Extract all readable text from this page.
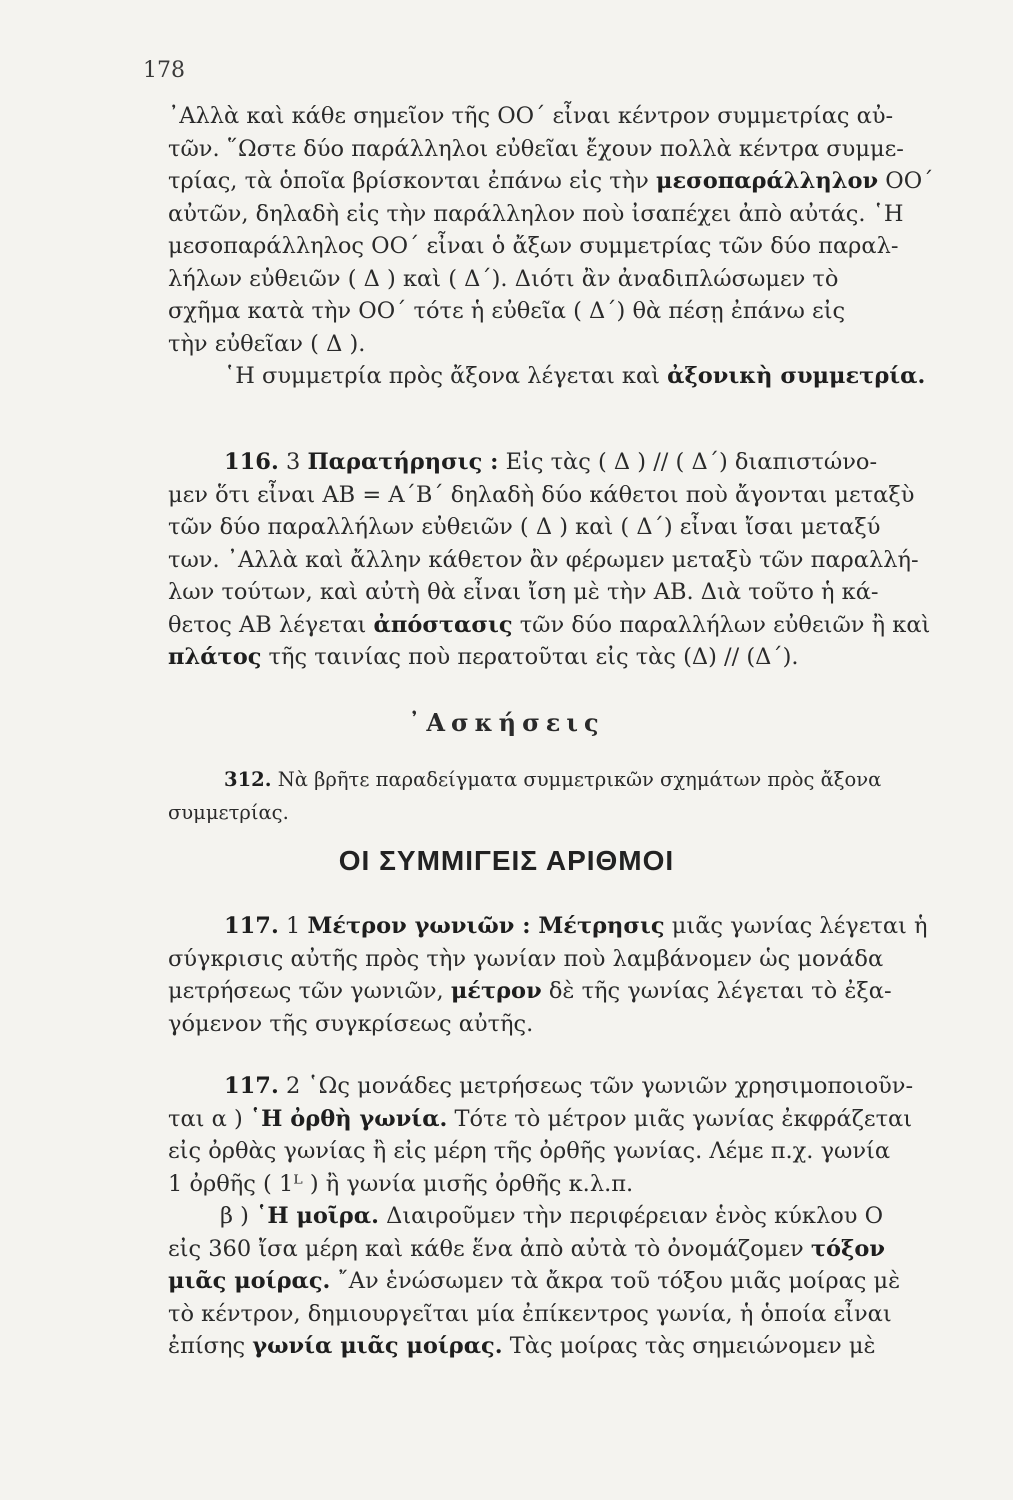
178
᾿Αλλὰ καὶ κάθε σημεῖον τῆς ΟΟ΄ εἶναι κέντρον συμμετρίας αὐ-
τῶν. ῞Ωστε δύο παράλληλοι εὐθεῖαι ἔχουν πολλὰ κέντρα συμμε-
τρίας, τὰ ὁποῖα βρίσκονται ἐπάνω εἰς τὴν μεσοπαράλληλον ΟΟ΄
αὐτῶν, δηλαδὴ εἰς τὴν παράλληλον ποὺ ἰσαπέχει ἀπὸ αὐτάς. ῾Η
μεσοπαράλληλος ΟΟ΄ εἶναι ὁ ἄξων συμμετρίας τῶν δύο παραλ-
λήλων εὐθειῶν ( Δ ) καὶ ( Δ΄). Διότι ἂν ἀναδιπλώσωμεν τὸ
σχῆμα κατὰ τὴν ΟΟ΄ τότε ἡ εὐθεῖα ( Δ΄) θὰ πέσῃ ἐπάνω εἰς
τὴν εὐθεῖαν ( Δ ).
῾Η συμμετρία πρὸς ἄξονα λέγεται καὶ ἀξονικὴ συμμετρία.
116. 3 Παρατήρησις : Εἰς τὰς ( Δ ) // ( Δ΄) διαπιστώνο-
μεν ὅτι εἶναι ΑΒ = Α΄Β΄ δηλαδὴ δύο κάθετοι ποὺ ἄγονται μεταξὺ
τῶν δύο παραλλήλων εὐθειῶν ( Δ ) καὶ ( Δ΄) εἶναι ἴσαι μεταξύ
των. ᾿Αλλὰ καὶ ἄλλην κάθετον ἂν φέρωμεν μεταξὺ τῶν παραλλή-
λων τούτων, καὶ αὐτὴ θὰ εἶναι ἴση μὲ τὴν ΑΒ. Διὰ τοῦτο ἡ κά-
θετος ΑΒ λέγεται ἀπόστασις τῶν δύο παραλλήλων εὐθειῶν ἢ καὶ
πλάτος τῆς ταινίας ποὺ περατοῦται εἰς τὰς (Δ) // (Δ΄).
᾿Ασκήσεις
312. Νὰ βρῆτε παραδείγματα συμμετρικῶν σχημάτων πρὸς ἄξονα
συμμετρίας.
ΟΙ ΣΥΜΜΙΓΕΙΣ ΑΡΙΘΜΟΙ
117. 1 Μέτρον γωνιῶν : Μέτρησις μιᾶς γωνίας λέγεται ἡ
σύγκρισις αὐτῆς πρὸς τὴν γωνίαν ποὺ λαμβάνομεν ὡς μονάδα
μετρήσεως τῶν γωνιῶν, μέτρον δὲ τῆς γωνίας λέγεται τὸ ἐξα-
γόμενον τῆς συγκρίσεως αὐτῆς.
117. 2 ῾Ως μονάδες μετρήσεως τῶν γωνιῶν χρησιμοποιοῦν-
ται α ) ῾Η ὀρθὴ γωνία. Τότε τὸ μέτρον μιᾶς γωνίας ἐκφράζεται
εἰς ὀρθὰς γωνίας ἢ εἰς μέρη τῆς ὀρθῆς γωνίας. Λέμε π.χ. γωνία
1 ὀρθῆς ( 1ᴸ ) ἢ γωνία μισῆς ὀρθῆς κ.λ.π.
β ) ῾Η μοῖρα. Διαιροῦμεν τὴν περιφέρειαν ἑνὸς κύκλου Ο
εἰς 360 ἴσα μέρη καὶ κάθε ἕνα ἀπὸ αὐτὰ τὸ ὀνομάζομεν τόξον
μιᾶς μοίρας. ῎Αν ἑνώσωμεν τὰ ἄκρα τοῦ τόξου μιᾶς μοίρας μὲ
τὸ κέντρον, δημιουργεῖται μία ἐπίκεντρος γωνία, ἡ ὁποία εἶναι
ἐπίσης γωνία μιᾶς μοίρας. Τὰς μοίρας τὰς σημειώνομεν μὲ
